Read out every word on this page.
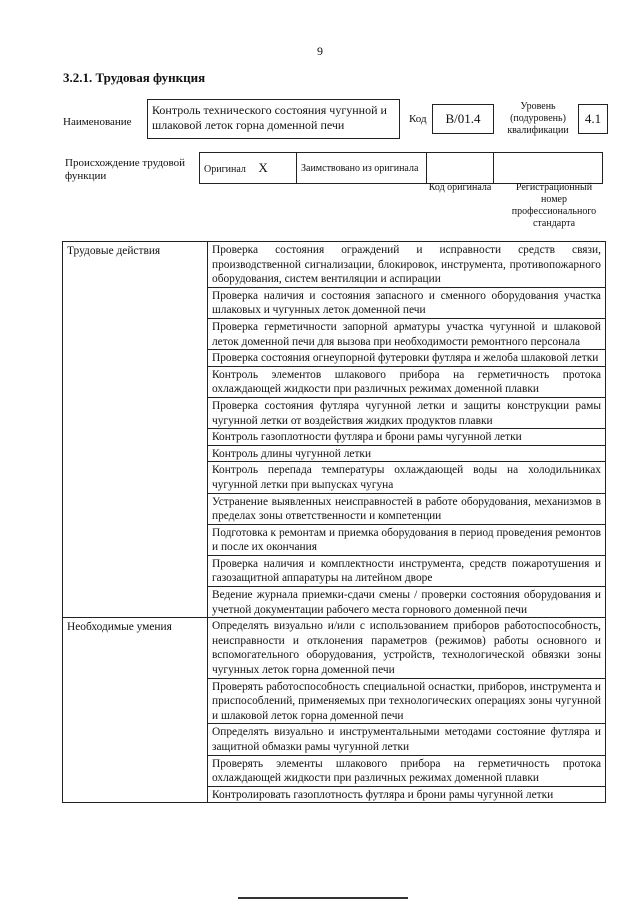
9
3.2.1. Трудовая функция
Наименование
Контроль технического состояния чугунной и шлаковой леток горна доменной печи	Код B/01.4
Уровень (подуровень) квалификации
4.1
Происхождение трудовой функции
Оригинал X	Заимствовано из оригинала		
Код оригинала	Регистрационный номер профессионального стандарта
Трудовые действия	Проверка состояния ограждений и исправности средств связи, производственной сигнализации, блокировок, инструмента, противопожарного оборудования, систем вентиляции и аспирации
	Проверка наличия и состояния запасного и сменного оборудования участка шлаковых и чугунных леток доменной печи
	Проверка герметичности запорной арматуры участка чугунной и шлаковой леток доменной печи для вызова при необходимости ремонтного персонала
	Проверка состояния огнеупорной футеровки футляра и желоба шлаковой летки
	Контроль элементов шлакового прибора на герметичность протока охлаждающей жидкости при различных режимах доменной плавки
	Проверка состояния футляра чугунной летки и защиты конструкции рамы чугунной летки от воздействия жидких продуктов плавки
	Контроль газоплотности футляра и брони рамы чугунной летки
	Контроль длины чугунной летки
	Контроль перепада температуры охлаждающей воды на холодильниках чугунной летки при выпусках чугуна
	Устранение выявленных неисправностей в работе оборудования, механизмов в пределах зоны ответственности и компетенции
	Подготовка к ремонтам и приемка оборудования в период проведения ремонтов и после их окончания
	Проверка наличия и комплектности инструмента, средств пожаротушения и газозащитной аппаратуры на литейном дворе
	Ведение журнала приемки-сдачи смены / проверки состояния оборудования и учетной документации рабочего места горнового доменной печи
Необходимые умения	Определять визуально и/или с использованием приборов работоспособность, неисправности и отклонения параметров (режимов) работы основного и вспомогательного оборудования, устройств, технологической обвязки зоны чугунных леток горна доменной печи
	Проверять работоспособность специальной оснастки, приборов, инструмента и приспособлений, применяемых при технологических операциях зоны чугунной и шлаковой леток горна доменной печи
	Определять визуально и инструментальными методами состояние футляра и защитной обмазки рамы чугунной летки
	Проверять элементы шлакового прибора на герметичность протока охлаждающей жидкости при различных режимах доменной плавки
	Контролировать газоплотность футляра и брони рамы чугунной летки
